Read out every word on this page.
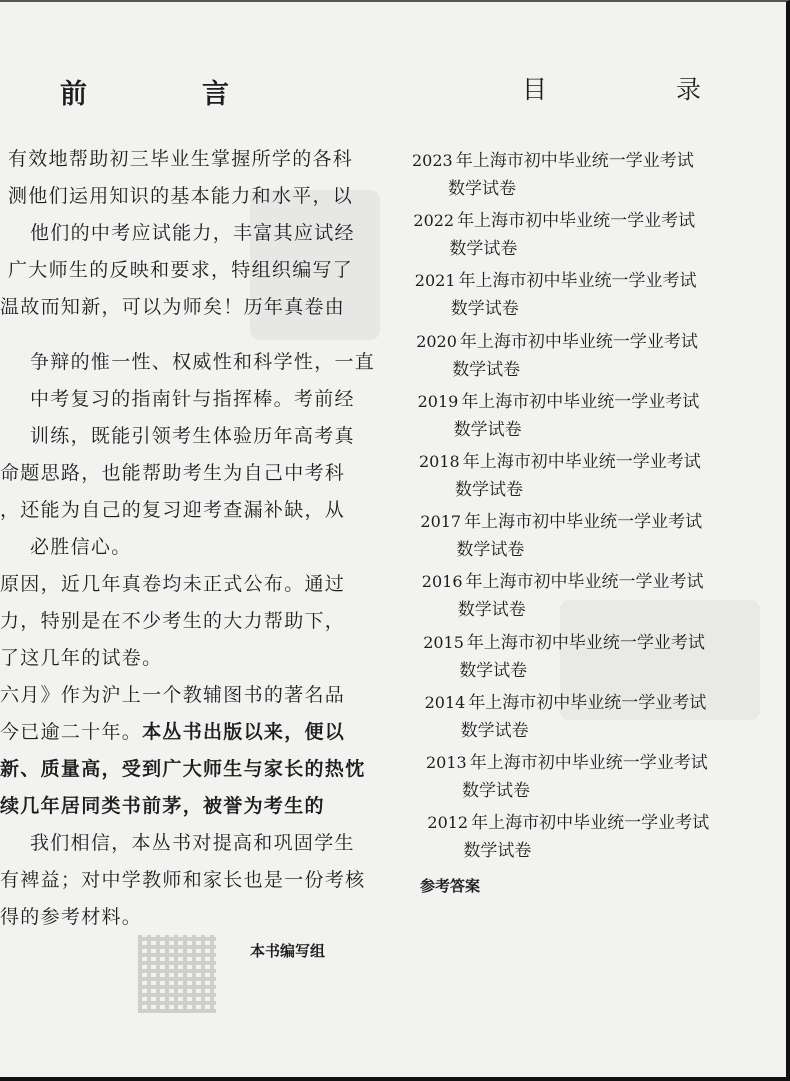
前　言
有效地帮助初三毕业生掌握所学的各科
测他们运用知识的基本能力和水平，以
他们的中考应试能力，丰富其应试经
广大师生的反映和要求，特组织编写了
温故而知新，可以为师矣！历年真卷由
争辩的惟一性、权威性和科学性，一直
中考复习的指南针与指挥棒。考前经
训练，既能引领考生体验历年高考真
命题思路，也能帮助考生为自己中考科
，还能为自己的复习迎考查漏补缺，从
必胜信心。
原因，近几年真卷均未正式公布。通过
力，特别是在不少考生的大力帮助下，
了这几年的试卷。
六月》作为沪上一个教辅图书的著名品
今已逾二十年。本丛书出版以来，便以
新、质量高，受到广大师生与家长的热忱
续几年居同类书前茅，被誉为考生的
我们相信，本丛书对提高和巩固学生
有裨益；对中学教师和家长也是一份考核
得的参考材料。
本书编写组
目　录
2023 年上海市初中毕业统一学业考试
数学试卷
2022 年上海市初中毕业统一学业考试
数学试卷
2021 年上海市初中毕业统一学业考试
数学试卷
2020 年上海市初中毕业统一学业考试
数学试卷
2019 年上海市初中毕业统一学业考试
数学试卷
2018 年上海市初中毕业统一学业考试
数学试卷
2017 年上海市初中毕业统一学业考试
数学试卷
2016 年上海市初中毕业统一学业考试
数学试卷
2015 年上海市初中毕业统一学业考试
数学试卷
2014 年上海市初中毕业统一学业考试
数学试卷
2013 年上海市初中毕业统一学业考试
数学试卷
2012 年上海市初中毕业统一学业考试
数学试卷
参考答案
